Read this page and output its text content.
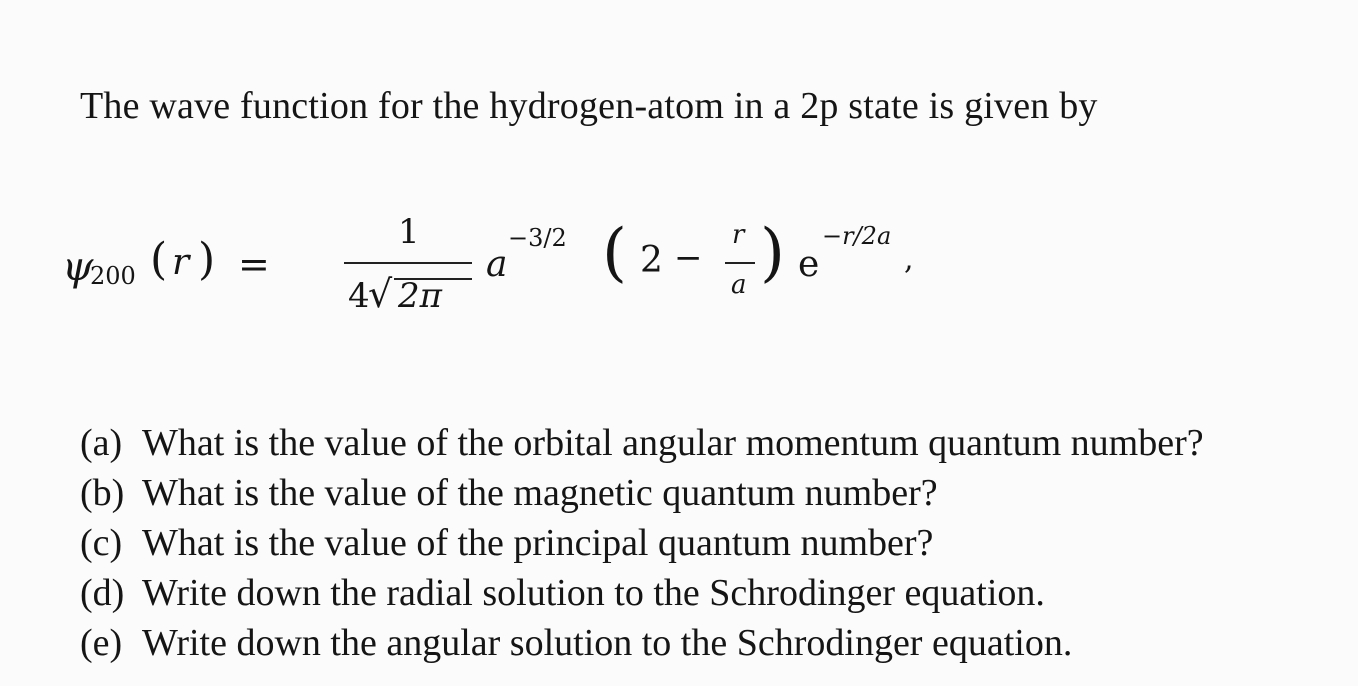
The wave function for the hydrogen-atom in a 2p state is given by
ψ
200 ( r ) =
1
4
√ 2π
a
−3/2 ( 2 −
r
a ) e
−r/2a
,
(a) What is the value of the orbital angular momentum quantum number?
(b) What is the value of the magnetic quantum number?
(c) What is the value of the principal quantum number?
(d) Write down the radial solution to the Schrodinger equation.
(e) Write down the angular solution to the Schrodinger equation.
